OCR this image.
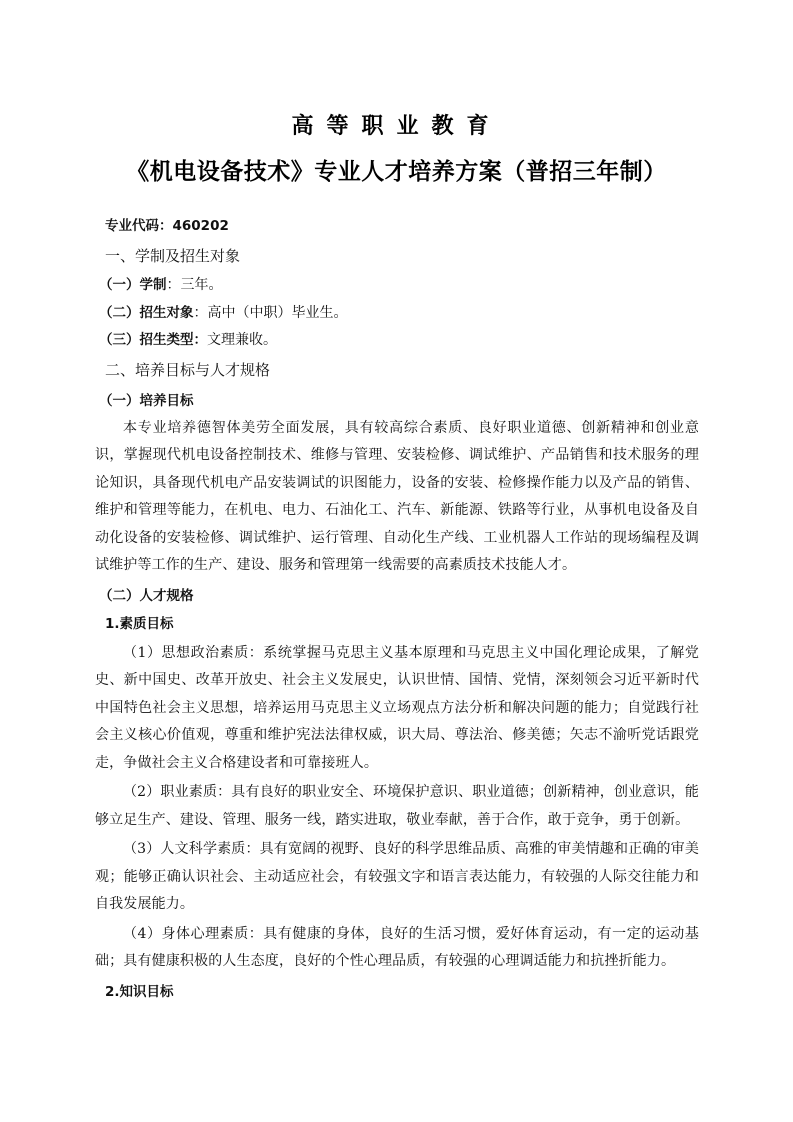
高等职业教育
《机电设备技术》专业人才培养方案（普招三年制）
专业代码：460202
一、学制及招生对象
（一）学制：三年。
（二）招生对象：高中（中职）毕业生。
（三）招生类型：文理兼收。
二、培养目标与人才规格
（一）培养目标
本专业培养德智体美劳全面发展，具有较高综合素质、良好职业道德、创新精神和创业意识，掌握现代机电设备控制技术、维修与管理、安装检修、调试维护、产品销售和技术服务的理论知识，具备现代机电产品安装调试的识图能力，设备的安装、检修操作能力以及产品的销售、维护和管理等能力，在机电、电力、石油化工、汽车、新能源、铁路等行业，从事机电设备及自动化设备的安装检修、调试维护、运行管理、自动化生产线、工业机器人工作站的现场编程及调试维护等工作的生产、建设、服务和管理第一线需要的高素质技术技能人才。
（二）人才规格
1.素质目标
（1）思想政治素质：系统掌握马克思主义基本原理和马克思主义中国化理论成果，了解党史、新中国史、改革开放史、社会主义发展史，认识世情、国情、党情，深刻领会习近平新时代中国特色社会主义思想，培养运用马克思主义立场观点方法分析和解决问题的能力；自觉践行社会主义核心价值观，尊重和维护宪法法律权威，识大局、尊法治、修美德；矢志不渝听党话跟党走，争做社会主义合格建设者和可靠接班人。
（2）职业素质：具有良好的职业安全、环境保护意识、职业道德；创新精神，创业意识，能够立足生产、建设、管理、服务一线，踏实进取，敬业奉献，善于合作，敢于竞争，勇于创新。
（3）人文科学素质：具有宽阔的视野、良好的科学思维品质、高雅的审美情趣和正确的审美观；能够正确认识社会、主动适应社会，有较强文字和语言表达能力，有较强的人际交往能力和自我发展能力。
（4）身体心理素质：具有健康的身体，良好的生活习惯，爱好体育运动，有一定的运动基础；具有健康积极的人生态度，良好的个性心理品质，有较强的心理调适能力和抗挫折能力。
2.知识目标
